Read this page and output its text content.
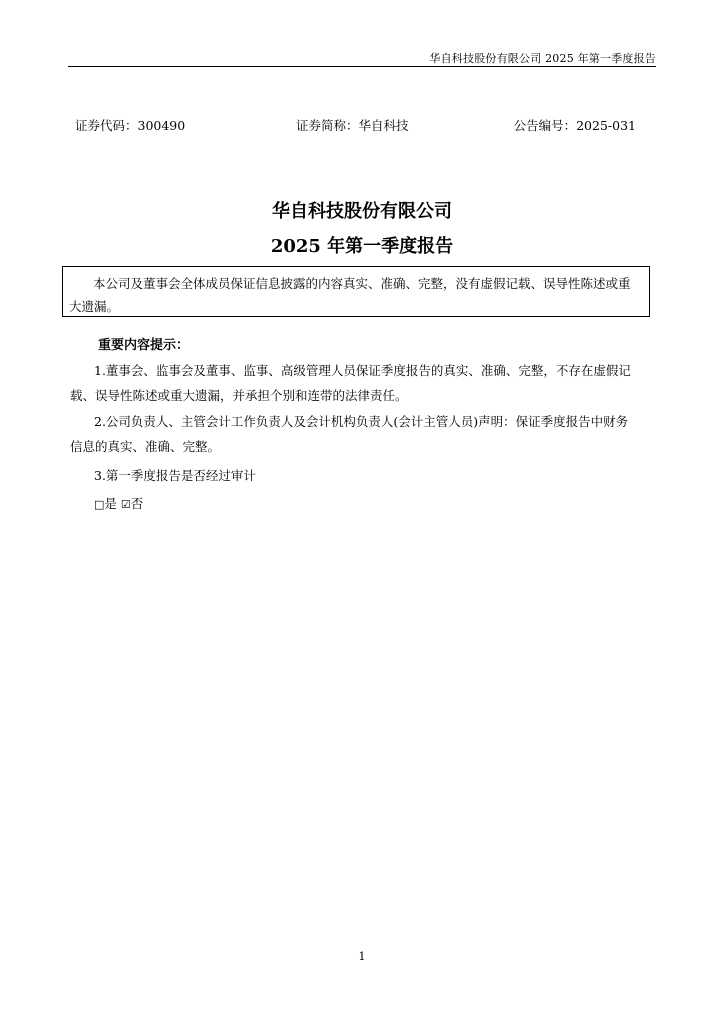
华自科技股份有限公司 2025 年第一季度报告
证券代码：300490	证券简称：华自科技	公告编号：2025-031
华自科技股份有限公司
2025 年第一季度报告
本公司及董事会全体成员保证信息披露的内容真实、准确、完整，没有虚假记载、误导性陈述或重
大遗漏。
重要内容提示：
1.董事会、监事会及董事、监事、高级管理人员保证季度报告的真实、准确、完整，不存在虚假记
载、误导性陈述或重大遗漏，并承担个别和连带的法律责任。
2.公司负责人、主管会计工作负责人及会计机构负责人(会计主管人员)声明：保证季度报告中财务
信息的真实、准确、完整。
3.第一季度报告是否经过审计
□是 ☑否
1
